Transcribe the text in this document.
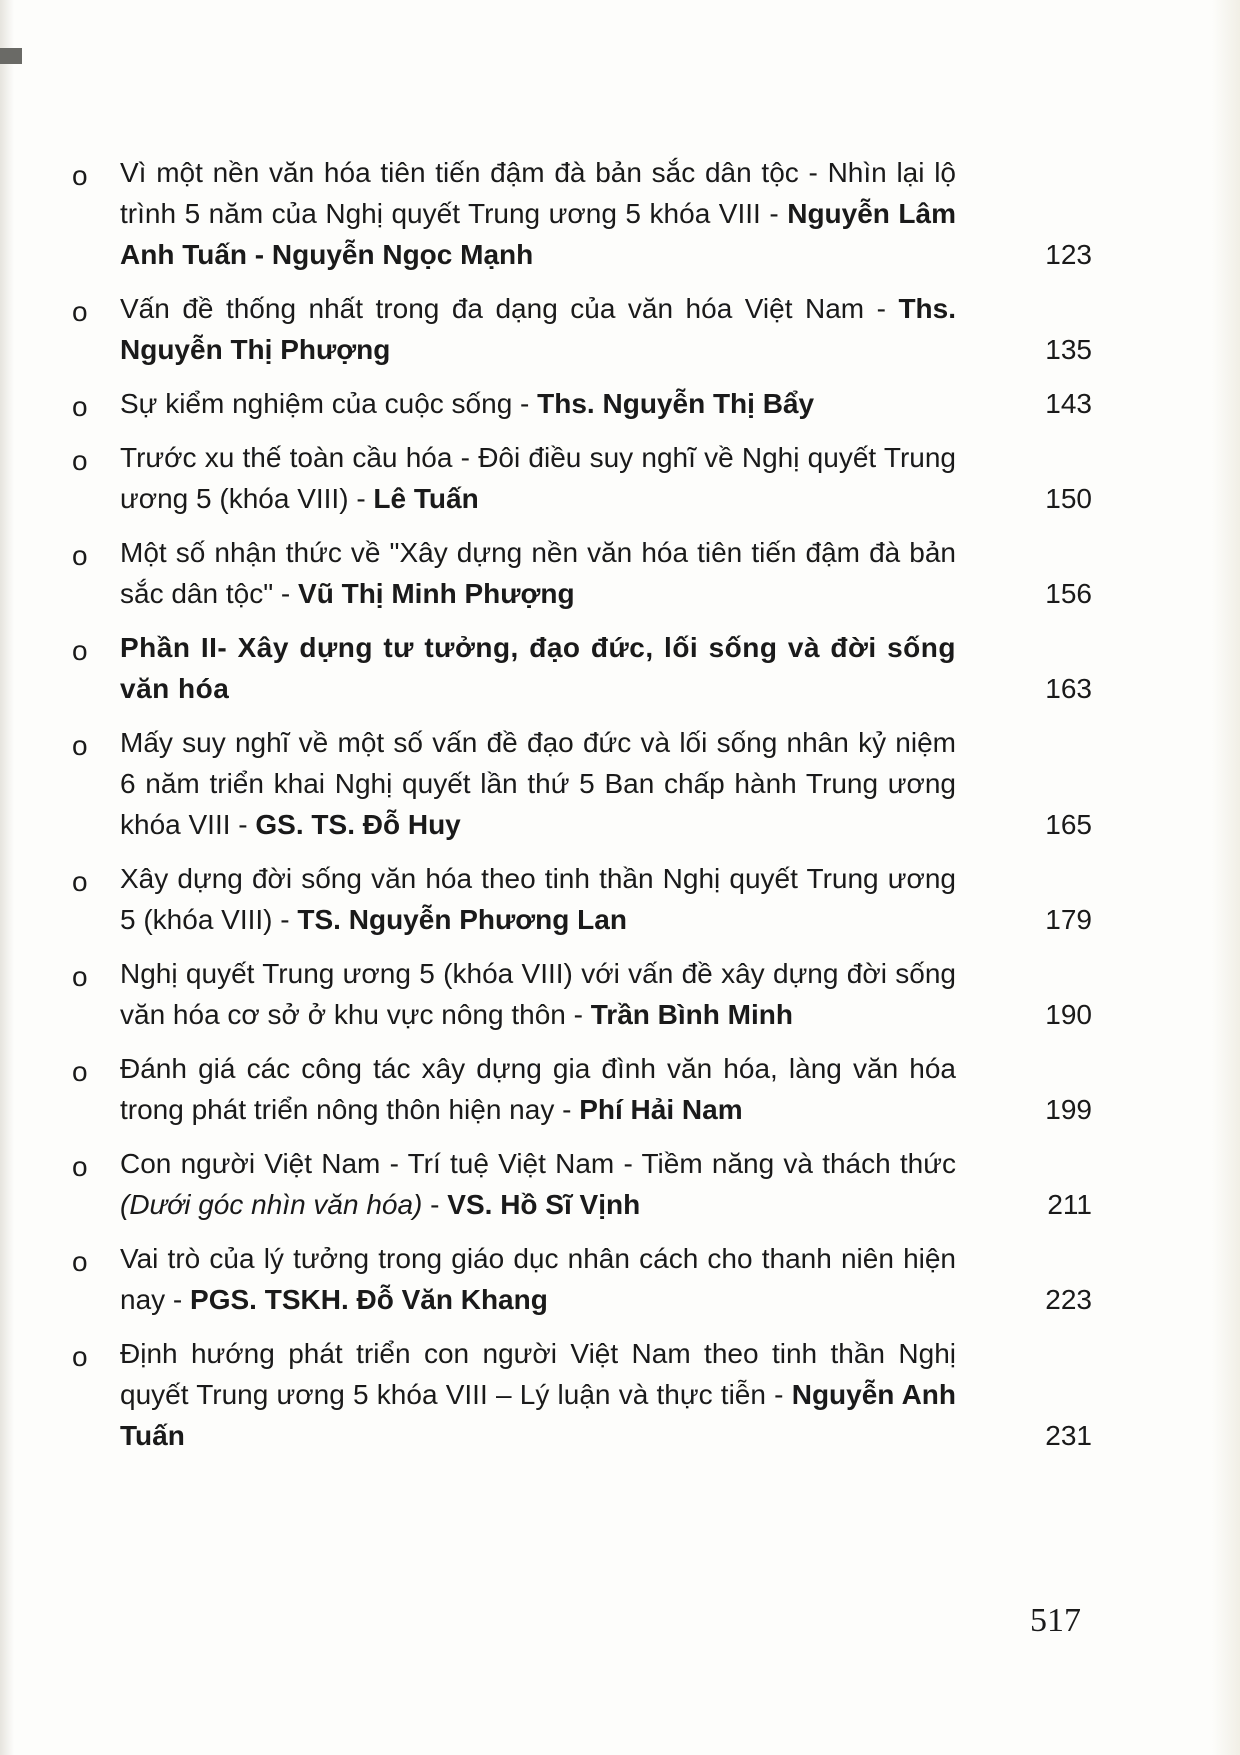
o	Vì một nền văn hóa tiên tiến đậm đà bản sắc dân tộc - Nhìn lại lộ trình 5 năm của Nghị quyết Trung ương 5 khóa VIII - Nguyễn Lâm Anh Tuấn - Nguyễn Ngọc Mạnh	123
o	Vấn đề thống nhất trong đa dạng của văn hóa Việt Nam - Ths. Nguyễn Thị Phượng	135
o	Sự kiểm nghiệm của cuộc sống - Ths. Nguyễn Thị Bẩy	143
o	Trước xu thế toàn cầu hóa - Đôi điều suy nghĩ về Nghị quyết Trung ương 5 (khóa VIII) - Lê Tuấn	150
o	Một số nhận thức về "Xây dựng nền văn hóa tiên tiến đậm đà bản sắc dân tộc" - Vũ Thị Minh Phượng	156
o	Phần II- Xây dựng tư tưởng, đạo đức, lối sống và đời sống văn hóa	163
o	Mấy suy nghĩ về một số vấn đề đạo đức và lối sống nhân kỷ niệm 6 năm triển khai Nghị quyết lần thứ 5 Ban chấp hành Trung ương khóa VIII - GS. TS. Đỗ Huy	165
o	Xây dựng đời sống văn hóa theo tinh thần Nghị quyết Trung ương 5 (khóa VIII) - TS. Nguyễn Phương Lan	179
o	Nghị quyết Trung ương 5 (khóa VIII) với vấn đề xây dựng đời sống văn hóa cơ sở ở khu vực nông thôn - Trần Bình Minh	190
o	Đánh giá các công tác xây dựng gia đình văn hóa, làng văn hóa trong phát triển nông thôn hiện nay - Phí Hải Nam	199
o	Con người Việt Nam - Trí tuệ Việt Nam - Tiềm năng và thách thức (Dưới góc nhìn văn hóa) - VS. Hồ Sĩ Vịnh	211
o	Vai trò của lý tưởng trong giáo dục nhân cách cho thanh niên hiện nay - PGS. TSKH. Đỗ Văn Khang	223
o	Định hướng phát triển con người Việt Nam theo tinh thần Nghị quyết Trung ương 5 khóa VIII – Lý luận và thực tiễn - Nguyễn Anh Tuấn	231
517
